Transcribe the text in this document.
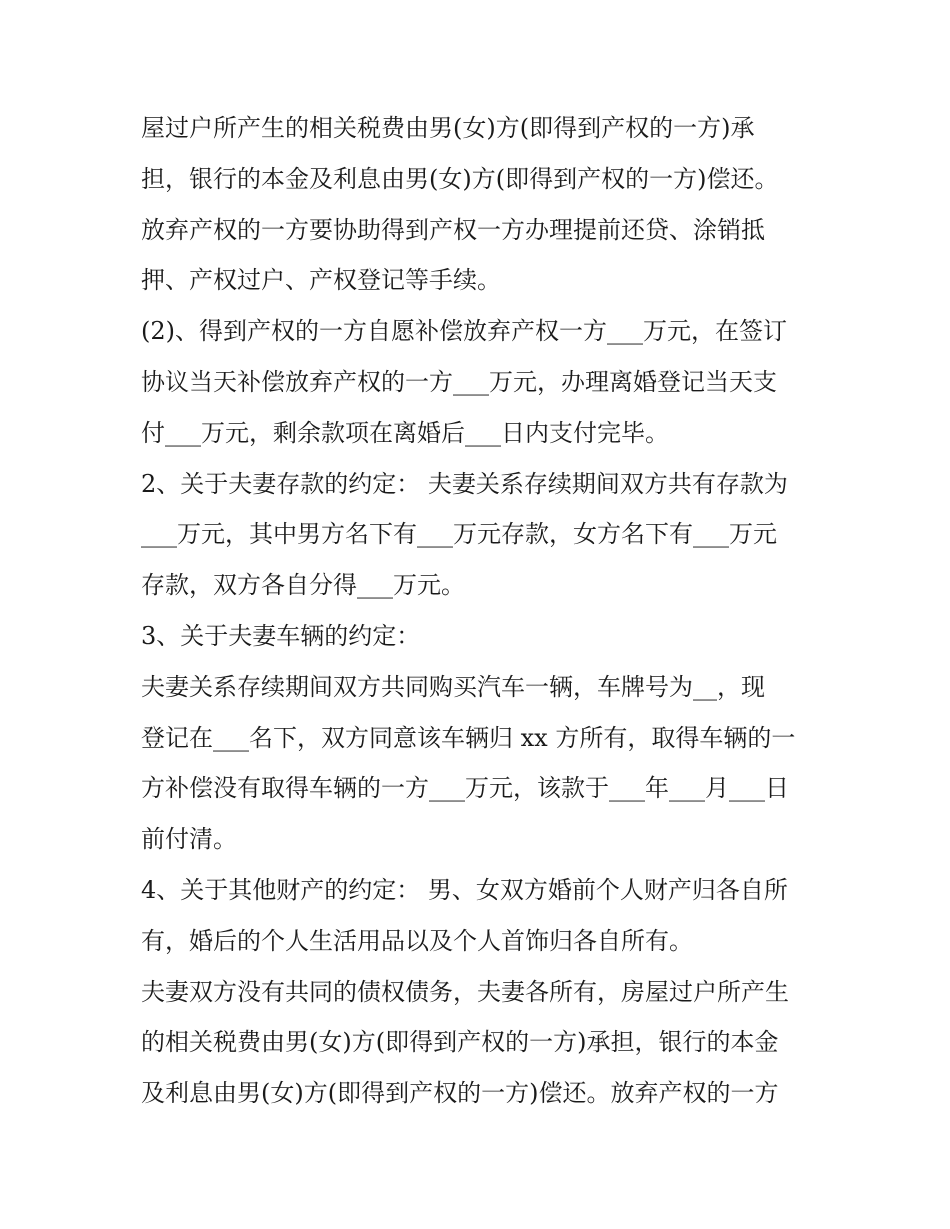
屋过户所产生的相关税费由男(女)方(即得到产权的一方)承
担，银行的本金及利息由男(女)方(即得到产权的一方)偿还。
放弃产权的一方要协助得到产权一方办理提前还贷、涂销抵
押、产权过户、产权登记等手续。
(2)、得到产权的一方自愿补偿放弃产权一方___万元，在签订
协议当天补偿放弃产权的一方___万元，办理离婚登记当天支
付___万元，剩余款项在离婚后___日内支付完毕。
2、关于夫妻存款的约定： 夫妻关系存续期间双方共有存款为
___万元，其中男方名下有___万元存款，女方名下有___万元
存款，双方各自分得___万元。
3、关于夫妻车辆的约定：
夫妻关系存续期间双方共同购买汽车一辆，车牌号为__，现
登记在___名下，双方同意该车辆归 xx 方所有，取得车辆的一
方补偿没有取得车辆的一方___万元，该款于___年___月___日
前付清。
4、关于其他财产的约定： 男、女双方婚前个人财产归各自所
有，婚后的个人生活用品以及个人首饰归各自所有。
夫妻双方没有共同的债权债务，夫妻各所有，房屋过户所产生
的相关税费由男(女)方(即得到产权的一方)承担，银行的本金
及利息由男(女)方(即得到产权的一方)偿还。放弃产权的一方
